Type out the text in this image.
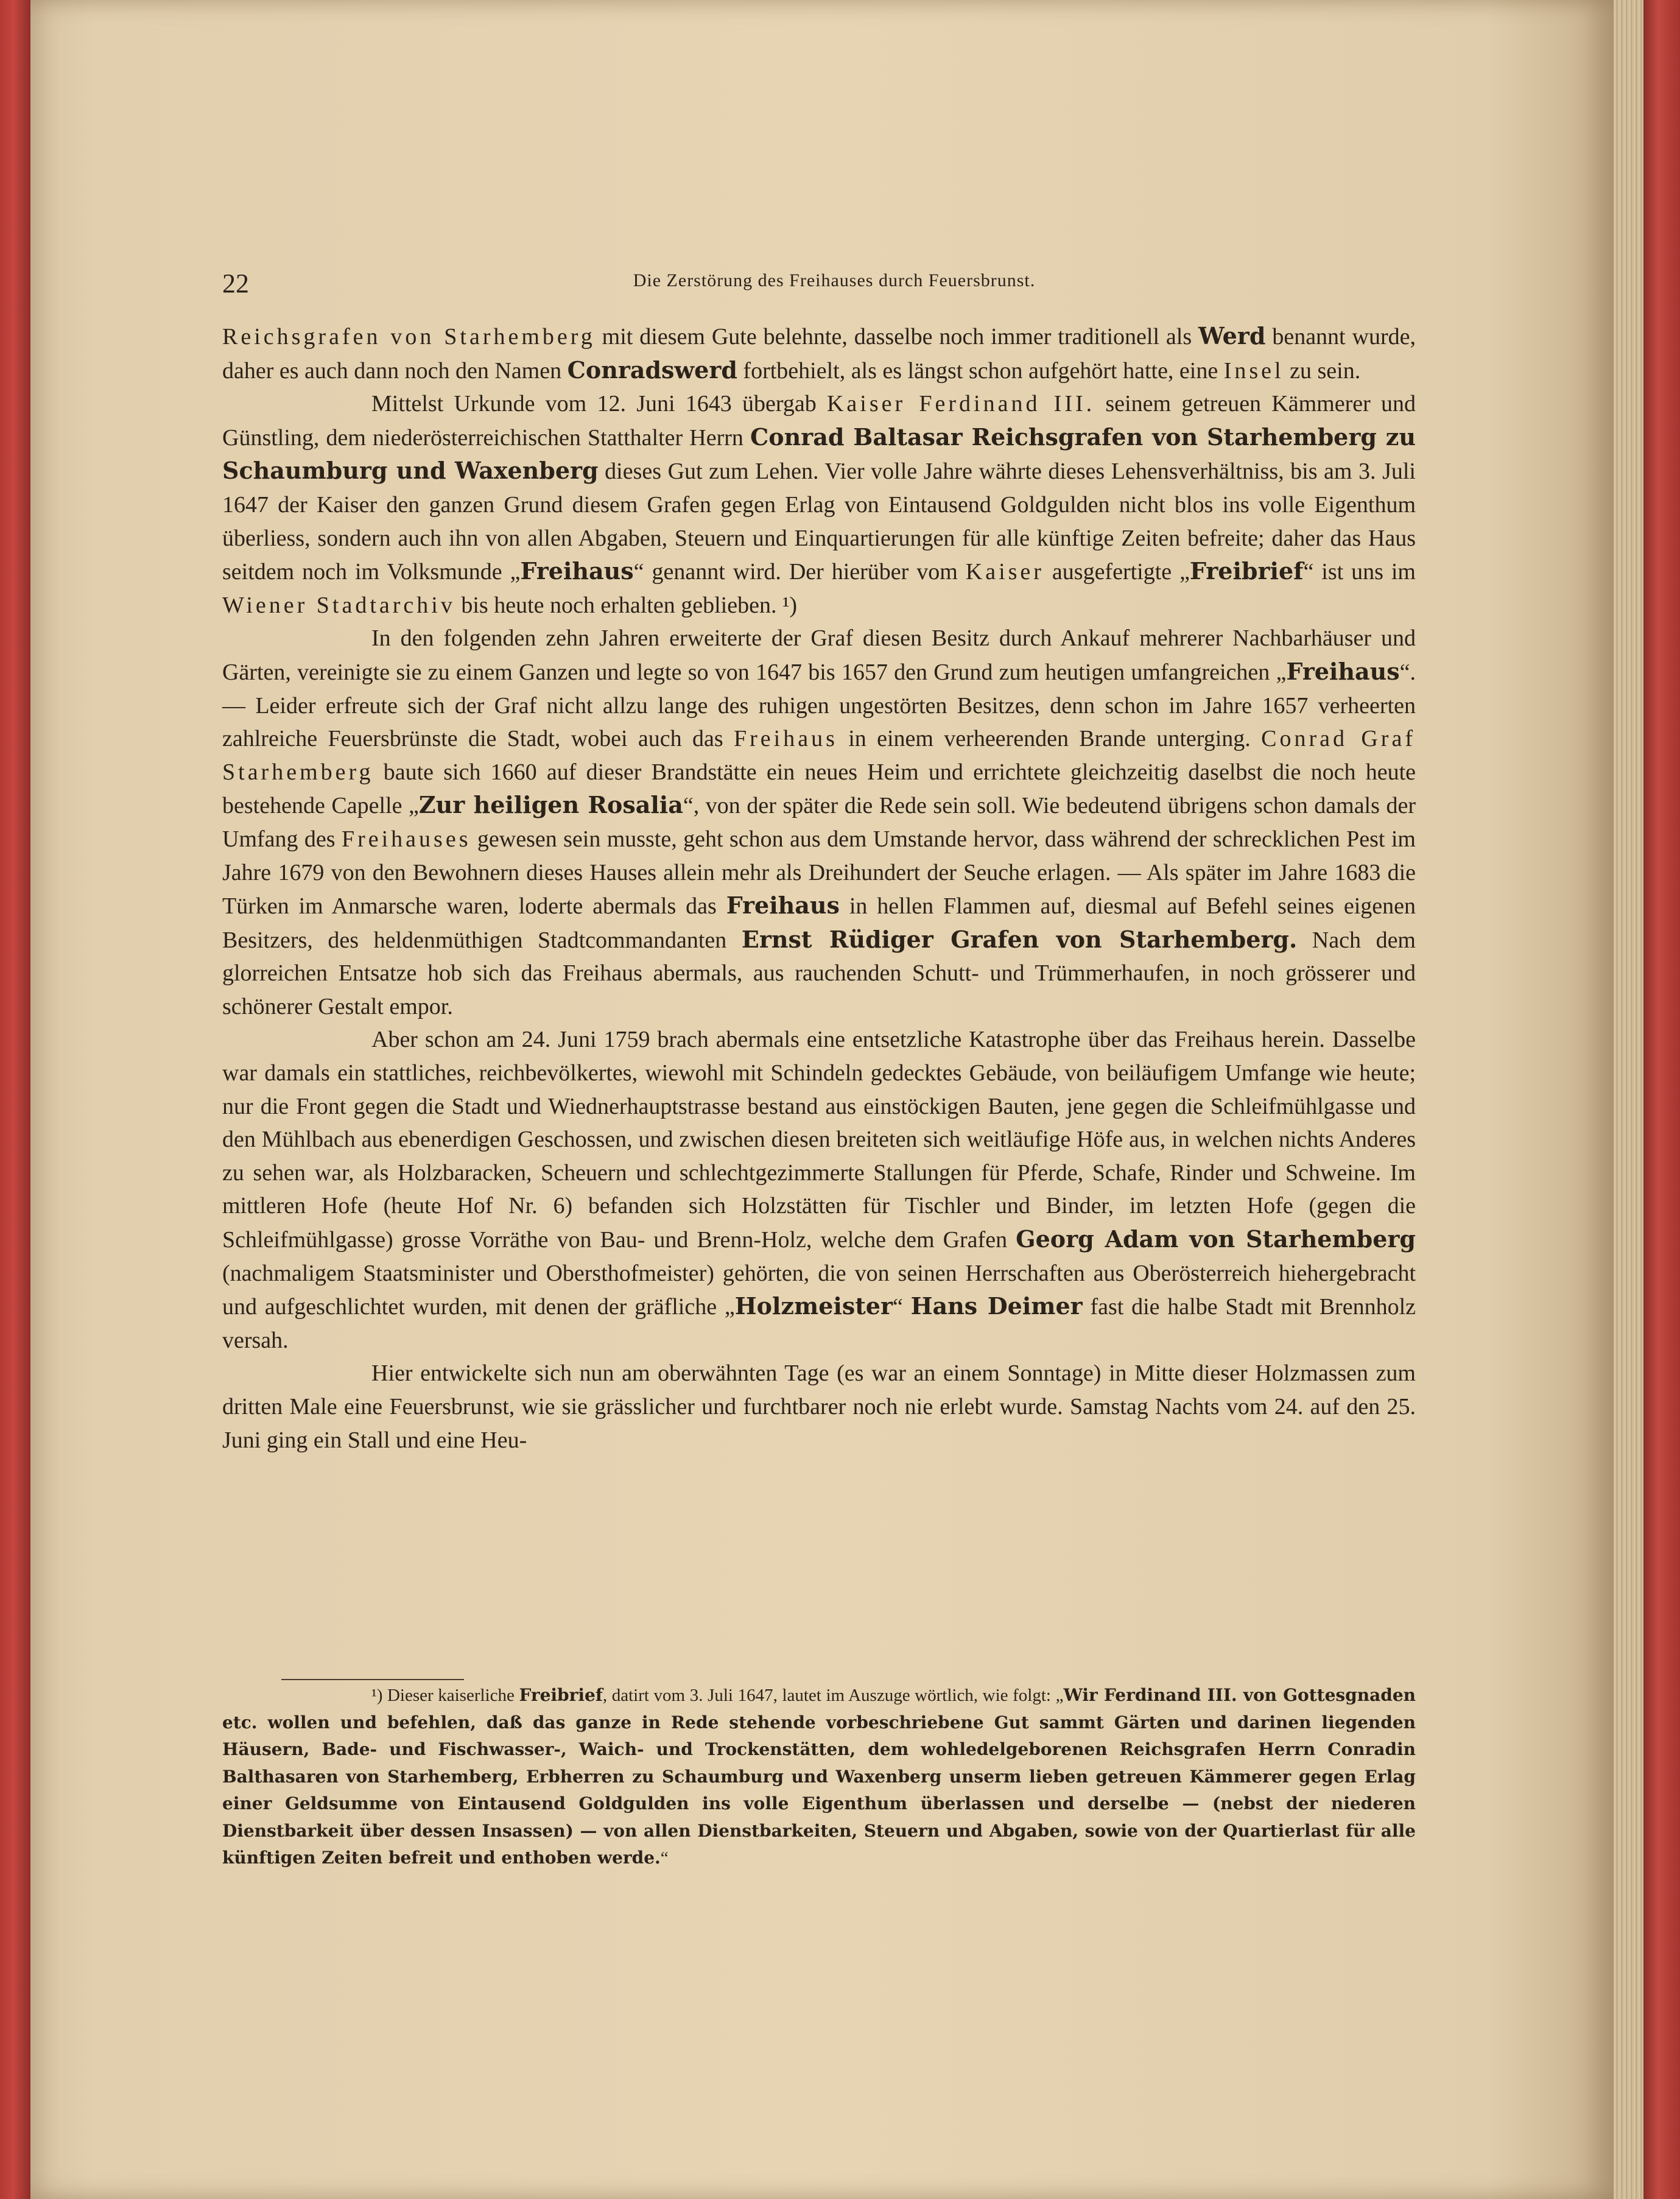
22	Die Zerstörung des Freihauses durch Feuersbrunst.

Reichsgrafen von Starhemberg mit diesem Gute belehnte, dasselbe noch immer traditionell als Werd benannt wurde, daher es auch dann noch den Namen Conradswerd fortbehielt, als es längst schon aufgehört hatte, eine Insel zu sein.

Mittelst Urkunde vom 12. Juni 1643 übergab Kaiser Ferdinand III. seinem getreuen Kämmerer und Günstling, dem niederösterreichischen Statthalter Herrn Conrad Baltasar Reichsgrafen von Starhemberg zu Schaumburg und Waxenberg dieses Gut zum Lehen. Vier volle Jahre währte dieses Lehensverhältniss, bis am 3. Juli 1647 der Kaiser den ganzen Grund diesem Grafen gegen Erlag von Eintausend Goldgulden nicht blos ins volle Eigenthum überliess, sondern auch ihn von allen Abgaben, Steuern und Einquartierungen für alle künftige Zeiten befreite; daher das Haus seitdem noch im Volksmunde „Freihaus“ genannt wird. Der hierüber vom Kaiser ausgefertigte „Freibrief“ ist uns im Wiener Stadtarchiv bis heute noch erhalten geblieben. ¹)

In den folgenden zehn Jahren erweiterte der Graf diesen Besitz durch Ankauf mehrerer Nachbarhäuser und Gärten, vereinigte sie zu einem Ganzen und legte so von 1647 bis 1657 den Grund zum heutigen umfangreichen „Freihaus“. — Leider erfreute sich der Graf nicht allzu lange des ruhigen ungestörten Besitzes, denn schon im Jahre 1657 verheerten zahlreiche Feuersbrünste die Stadt, wobei auch das Freihaus in einem verheerenden Brande unterging. Conrad Graf Starhemberg baute sich 1660 auf dieser Brandstätte ein neues Heim und errichtete gleichzeitig daselbst die noch heute bestehende Capelle „Zur heiligen Rosalia“, von der später die Rede sein soll. Wie bedeutend übrigens schon damals der Umfang des Freihauses gewesen sein musste, geht schon aus dem Umstande hervor, dass während der schrecklichen Pest im Jahre 1679 von den Bewohnern dieses Hauses allein mehr als Dreihundert der Seuche erlagen. — Als später im Jahre 1683 die Türken im Anmarsche waren, loderte abermals das Freihaus in hellen Flammen auf, diesmal auf Befehl seines eigenen Besitzers, des heldenmüthigen Stadtcommandanten Ernst Rüdiger Grafen von Starhemberg. Nach dem glorreichen Entsatze hob sich das Freihaus abermals, aus rauchenden Schutt- und Trümmerhaufen, in noch grösserer und schönerer Gestalt empor.

Aber schon am 24. Juni 1759 brach abermals eine entsetzliche Katastrophe über das Freihaus herein. Dasselbe war damals ein stattliches, reichbevölkertes, wiewohl mit Schindeln gedecktes Gebäude, von beiläufigem Umfange wie heute; nur die Front gegen die Stadt und Wiednerhauptstrasse bestand aus einstöckigen Bauten, jene gegen die Schleifmühlgasse und den Mühlbach aus ebenerdigen Geschossen, und zwischen diesen breiteten sich weitläufige Höfe aus, in welchen nichts Anderes zu sehen war, als Holzbaracken, Scheuern und schlechtgezimmerte Stallungen für Pferde, Schafe, Rinder und Schweine. Im mittleren Hofe (heute Hof Nr. 6) befanden sich Holzstätten für Tischler und Binder, im letzten Hofe (gegen die Schleifmühlgasse) grosse Vorräthe von Bau- und Brenn-Holz, welche dem Grafen Georg Adam von Starhemberg (nachmaligem Staatsminister und Obersthofmeister) gehörten, die von seinen Herrschaften aus Oberösterreich hiehergebracht und aufgeschlichtet wurden, mit denen der gräfliche „Holzmeister“ Hans Deimer fast die halbe Stadt mit Brennholz versah.

Hier entwickelte sich nun am oberwähnten Tage (es war an einem Sonntage) in Mitte dieser Holzmassen zum dritten Male eine Feuersbrunst, wie sie grässlicher und furchtbarer noch nie erlebt wurde. Samstag Nachts vom 24. auf den 25. Juni ging ein Stall und eine Heu-

¹) Dieser kaiserliche Freibrief, datirt vom 3. Juli 1647, lautet im Auszuge wörtlich, wie folgt: „Wir Ferdinand III. von Gottesgnaden etc. wollen und befehlen, daß das ganze in Rede stehende vorbeschriebene Gut sammt Gärten und darinen liegenden Häusern, Bade- und Fischwasser-, Waich- und Trockenstätten, dem wohledelgeborenen Reichsgrafen Herrn Conradin Balthasaren von Starhemberg, Erbherren zu Schaumburg und Waxenberg unserm lieben getreuen Kämmerer gegen Erlag einer Geldsumme von Eintausend Goldgulden ins volle Eigenthum überlassen und derselbe — (nebst der niederen Dienstbarkeit über dessen Insassen) — von allen Dienstbarkeiten, Steuern und Abgaben, sowie von der Quartierlast für alle künftigen Zeiten befreit und enthoben werde.“
